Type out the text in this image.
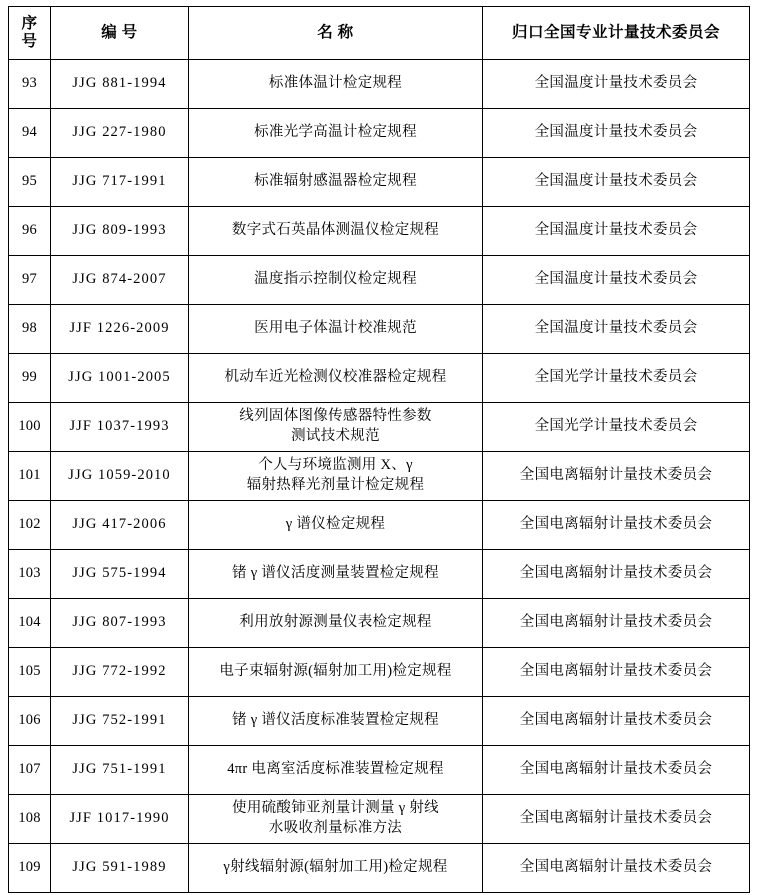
序
号	编 号	名 称	归口全国专业计量技术委员会
93	JJG 881-1994	标准体温计检定规程	全国温度计量技术委员会
94	JJG 227-1980	标准光学高温计检定规程	全国温度计量技术委员会
95	JJG 717-1991	标准辐射感温器检定规程	全国温度计量技术委员会
96	JJG 809-1993	数字式石英晶体测温仪检定规程	全国温度计量技术委员会
97	JJG 874-2007	温度指示控制仪检定规程	全国温度计量技术委员会
98	JJF 1226-2009	医用电子体温计校准规范	全国温度计量技术委员会
99	JJG 1001-2005	机动车近光检测仪校准器检定规程	全国光学计量技术委员会
100	JJF 1037-1993	线列固体图像传感器特性参数
测试技术规范	全国光学计量技术委员会
101	JJG 1059-2010	个人与环境监测用 X、γ
辐射热释光剂量计检定规程	全国电离辐射计量技术委员会
102	JJG 417-2006	γ 谱仪检定规程	全国电离辐射计量技术委员会
103	JJG 575-1994	锗 γ 谱仪活度测量装置检定规程	全国电离辐射计量技术委员会
104	JJG 807-1993	利用放射源测量仪表检定规程	全国电离辐射计量技术委员会
105	JJG 772-1992	电子束辐射源(辐射加工用)检定规程	全国电离辐射计量技术委员会
106	JJG 752-1991	锗 γ 谱仪活度标准装置检定规程	全国电离辐射计量技术委员会
107	JJG 751-1991	4πr 电离室活度标准装置检定规程	全国电离辐射计量技术委员会
108	JJF 1017-1990	使用硫酸铈亚剂量计测量 γ 射线
水吸收剂量标准方法	全国电离辐射计量技术委员会
109	JJG 591-1989	γ射线辐射源(辐射加工用)检定规程	全国电离辐射计量技术委员会
